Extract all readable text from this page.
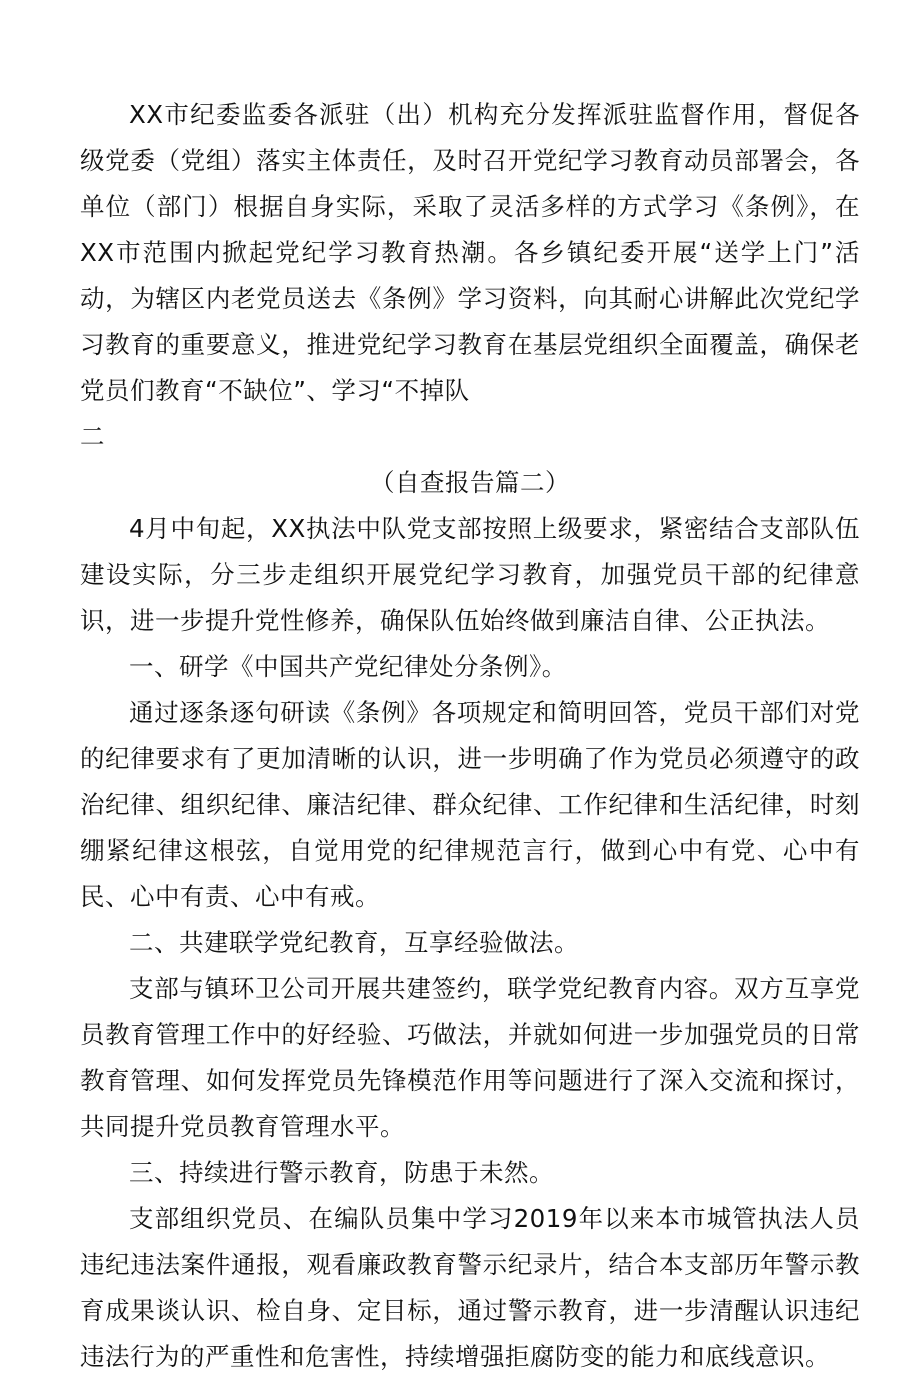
XX市纪委监委各派驻（出）机构充分发挥派驻监督作用，督促各级党委（党组）落实主体责任，及时召开党纪学习教育动员部署会，各单位（部门）根据自身实际，采取了灵活多样的方式学习《条例》，在XX市范围内掀起党纪学习教育热潮。各乡镇纪委开展“送学上门”活动，为辖区内老党员送去《条例》学习资料，向其耐心讲解此次党纪学习教育的重要意义，推进党纪学习教育在基层党组织全面覆盖，确保老党员们教育“不缺位”、学习“不掉队

二

（自查报告篇二）

4月中旬起，XX执法中队党支部按照上级要求，紧密结合支部队伍建设实际，分三步走组织开展党纪学习教育，加强党员干部的纪律意识，进一步提升党性修养，确保队伍始终做到廉洁自律、公正执法。

一、研学《中国共产党纪律处分条例》。

通过逐条逐句研读《条例》各项规定和简明回答，党员干部们对党的纪律要求有了更加清晰的认识，进一步明确了作为党员必须遵守的政治纪律、组织纪律、廉洁纪律、群众纪律、工作纪律和生活纪律，时刻绷紧纪律这根弦，自觉用党的纪律规范言行，做到心中有党、心中有民、心中有责、心中有戒。

二、共建联学党纪教育，互享经验做法。

支部与镇环卫公司开展共建签约，联学党纪教育内容。双方互享党员教育管理工作中的好经验、巧做法，并就如何进一步加强党员的日常教育管理、如何发挥党员先锋模范作用等问题进行了深入交流和探讨，共同提升党员教育管理水平。

三、持续进行警示教育，防患于未然。

支部组织党员、在编队员集中学习2019年以来本市城管执法人员违纪违法案件通报，观看廉政教育警示纪录片，结合本支部历年警示教育成果谈认识、检自身、定目标，通过警示教育，进一步清醒认识违纪违法行为的严重性和危害性，持续增强拒腐防变的能力和底线意识。
